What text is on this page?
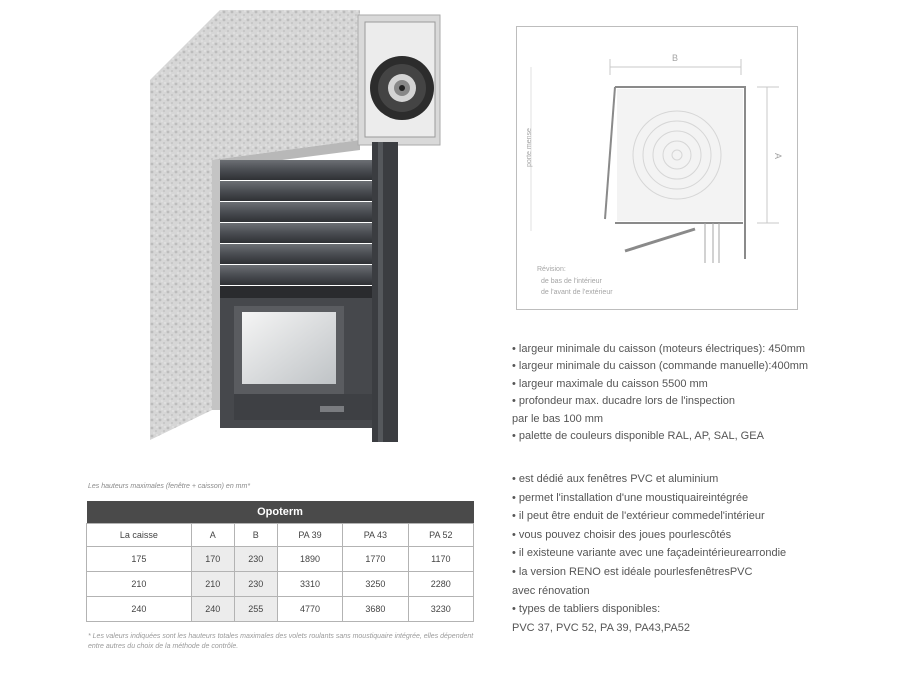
B
A
porte mense
Révision:
de bas de l'intérieur
de l'avant de l'extérieur
• largeur minimale du caisson (moteurs électriques): 450mm
• largeur minimale du caisson (commande manuelle):400mm
• largeur maximale du caisson 5500 mm
• profondeur max. ducadre lors de l'inspection
par le bas 100 mm
• palette de couleurs disponible RAL, AP, SAL, GEA
• est dédié aux fenêtres PVC et aluminium
• permet l'installation d'une moustiquaireintégrée
• il peut être enduit de l'extérieur commedel'intérieur
• vous pouvez choisir des joues pourlescôtés
• il existeune variante avec une façadeintérieurearrondie
• la version RENO est idéale pourlesfenêtresPVC
avec rénovation
• types de tabliers disponibles:
PVC 37, PVC 52, PA 39, PA43,PA52
Les hauteurs maximales (fenêtre + caisson) en mm*
Opoterm					
La caisse	A	B	PA 39	PA 43	PA 52
175	170	230	1890	1770	1170
210	210	230	3310	3250	2280
240	240	255	4770	3680	3230
* Les valeurs indiquées sont les hauteurs totales maximales des volets roulants sans moustiquaire intégrée, elles dépendent entre autres du choix de la méthode de contrôle.
